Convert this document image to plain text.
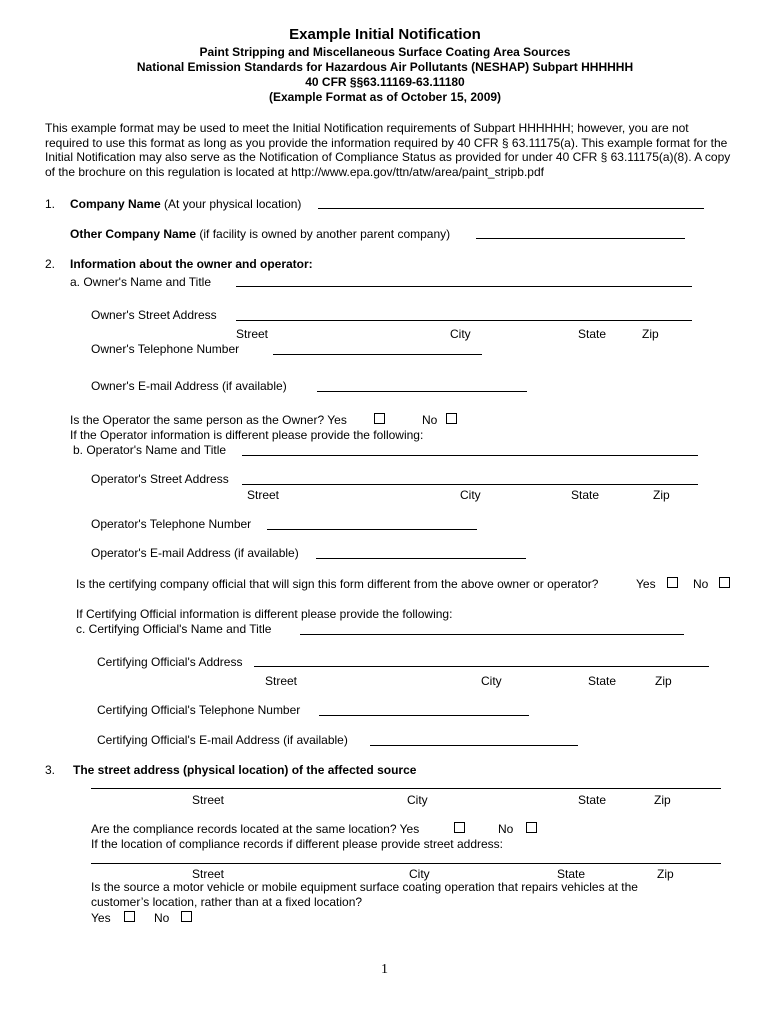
Example Initial Notification
Paint Stripping and Miscellaneous Surface Coating Area Sources
National Emission Standards for Hazardous Air Pollutants (NESHAP) Subpart HHHHHH
40 CFR §§63.11169-63.11180
(Example Format as of October 15, 2009)
This example format may be used to meet the Initial Notification requirements of Subpart HHHHHH; however, you are not required to use this format as long as you provide the information required by 40 CFR § 63.11175(a). This example format for the Initial Notification may also serve as the Notification of Compliance Status as provided for under 40 CFR § 63.11175(a)(8). A copy of the brochure on this regulation is located at http://www.epa.gov/ttn/atw/area/paint_stripb.pdf
1. Company Name (At your physical location)
Other Company Name (if facility is owned by another parent company)
2. Information about the owner and operator:
a. Owner's Name and Title
Owner's Street Address
Street	City	State	Zip
Owner's Telephone Number
Owner's E-mail Address (if available)
Is the Operator the same person as the Owner? Yes	No
If the Operator information is different please provide the following:
b. Operator's Name and Title
Operator's Street Address
Street	City	State	Zip
Operator's Telephone Number
Operator's E-mail Address (if available)
Is the certifying company official that will sign this form different from the above owner or operator?	Yes	No
If Certifying Official information is different please provide the following:
c. Certifying Official's Name and Title
Certifying Official's Address
Street	City	State	Zip
Certifying Official's Telephone Number
Certifying Official's E-mail Address (if available)
3. The street address (physical location) of the affected source
Street	City	State	Zip
Are the compliance records located at the same location? Yes	No
If the location of compliance records if different please provide street address:
Street	City	State	Zip
Is the source a motor vehicle or mobile equipment surface coating operation that repairs vehicles at the customer’s location, rather than at a fixed location?
Yes	No
1
